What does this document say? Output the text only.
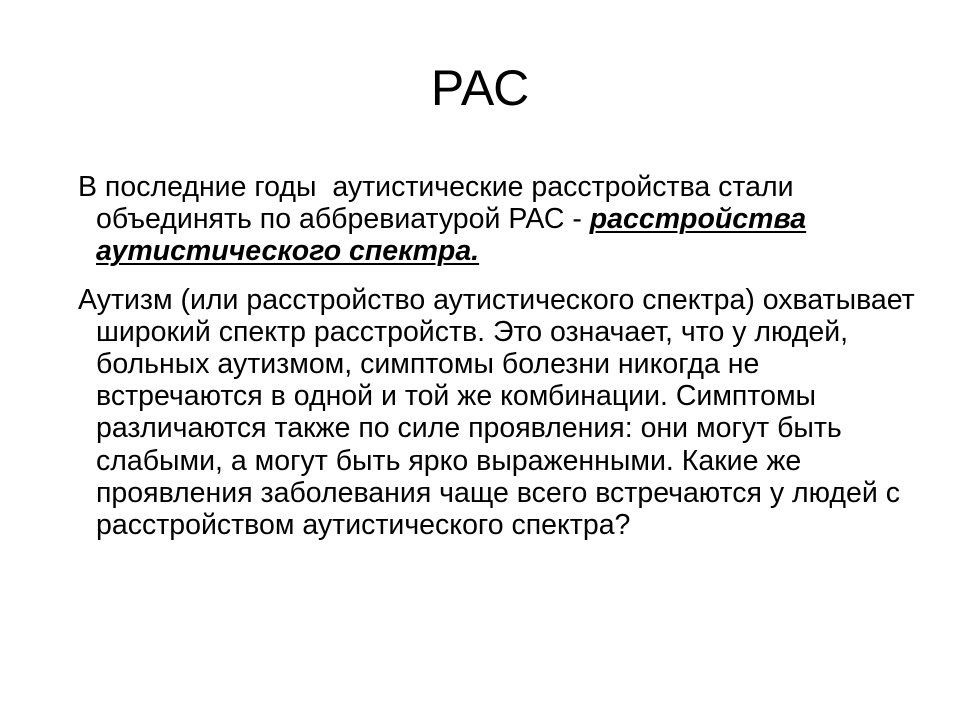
РАС

В последние годы  аутистические расстройства стали объединять по аббревиатурой РАС - расстройства аутистического спектра.

Аутизм (или расстройство аутистического спектра) охватывает широкий спектр расстройств. Это означает, что у людей, больных аутизмом, симптомы болезни никогда не встречаются в одной и той же комбинации. Симптомы различаются также по силе проявления: они могут быть слабыми, а могут быть ярко выраженными. Какие же проявления заболевания чаще всего встречаются у людей с расстройством аутистического спектра?
